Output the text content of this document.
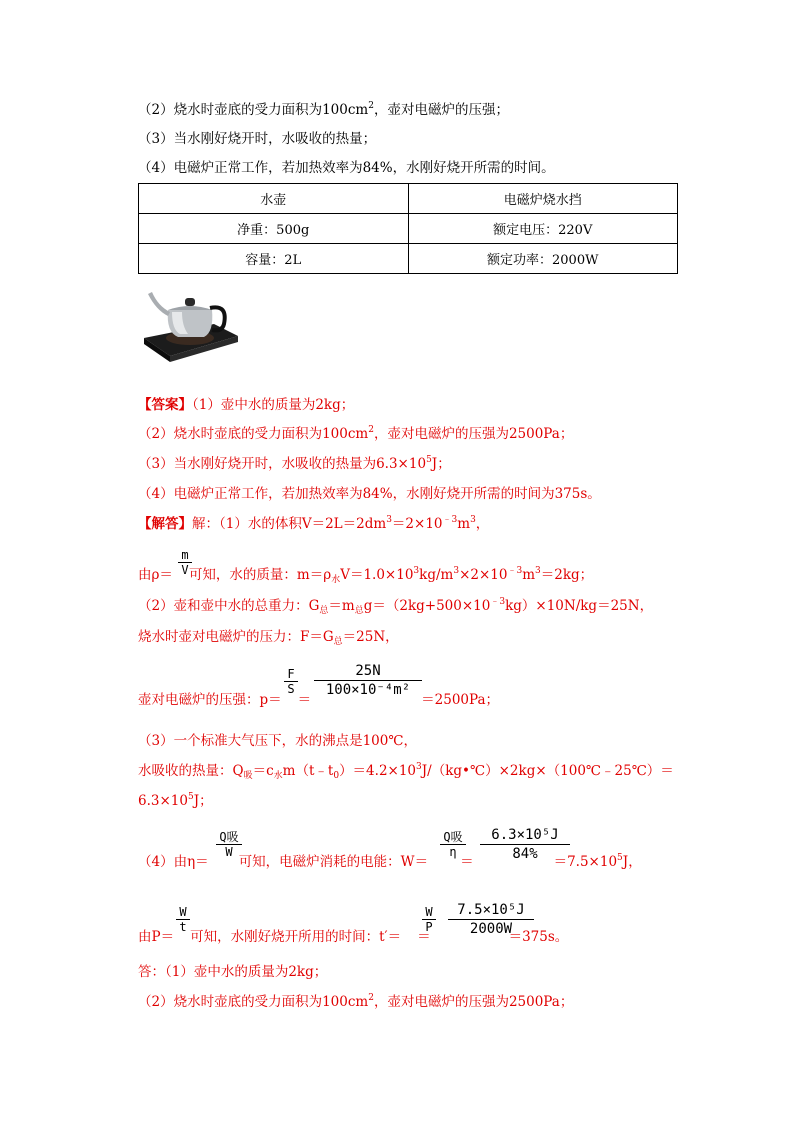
（2）烧水时壶底的受力面积为$100cm^2$，壶对电磁炉的压强；
（3）当水刚好烧开时，水吸收的热量；
（4）电磁炉正常工作，若加热效率为84%，水刚好烧开所需的时间。
水壶	电磁炉烧水挡
净重：500g	额定电压：220V
容量：2L	额定功率：2000W
【答案】（1）壶中水的质量为2kg；
（2）烧水时壶底的受力面积为$100cm^2$，壶对电磁炉的压强为2500Pa；
（3）当水刚好烧开时，水吸收的热量为$6.3\times 10^5J$；
（4）电磁炉正常工作，若加热效率为84%，水刚好烧开所需的时间为375s。
【解答】解：（1）水的体积$V=2L=2dm^3=2\times 10^{﹣3}m^3$，
m
V
由ρ＝ 可知，水的质量：$m=\rho_水V=1.0\times 10^3kg/m^3\times 2\times 10^{﹣3}m^3=2kg$；
（2）壶和壶中水的总重力：$G_总=m_总g=(2kg+500\times 10^{﹣3}kg)\times 10N/kg=25N$，
烧水时壶对电磁炉的压力：$F=G_总=25N$，
F
S
25N
100×10⁻⁴m²
壶对电磁炉的压强：p＝ ＝	＝2500Pa；
（3）一个标准大气压下，水的沸点是100℃，
水吸收的热量：$Q_吸=c_水m(t﹣t_0)=4.2\times 10^3J/(kg•℃)\times 2kg\times(100℃﹣25℃)=$
$6.3\times 10^5J$；
Q吸
W
Q吸
η
6.3×10⁵J
84%
（4）由η＝ 可知，电磁炉消耗的电能：W＝ ＝	$=7.5\times 10^5J$，
W
t
W
P
7.5×10⁵J
2000W
由P＝ 可知，水刚好烧开所用的时间：t′＝ ＝	＝375s。
答：（1）壶中水的质量为2kg；
（2）烧水时壶底的受力面积为$100cm^2$，壶对电磁炉的压强为2500Pa；
